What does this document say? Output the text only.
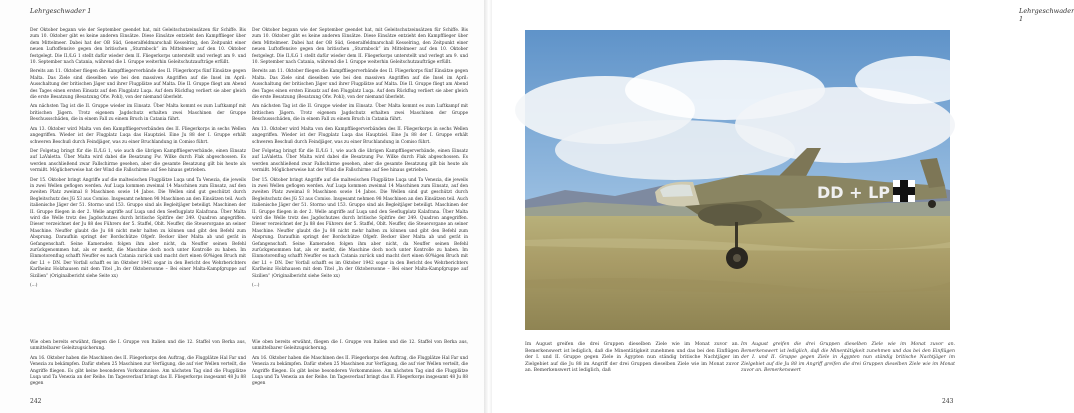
Lehrgeschwader 1

Der Oktober begann wie der September geendet hat, mit Geleitschutzeinsätzen für Schiffe. Bis zum 10. Oktober gibt es keine anderen Einsätze. Diese Einsätze entzieht den Kampfflieger über dem Mittelmeer. Dabei hat der OB Süd, Generalfeldmarschall Kesselring, den Zeitpunkt einer neuen Luftoffensive gegen den britischen „Sturmbock“ im Mittelmeer auf den 10. Oktober festgelegt. Die II./LG 1 stellt dafür wieder dem II. Fliegerkorps unterstellt und verlegt am 9. und 10. September nach Catania, während die I. Gruppe weiterhin Geleitschutzaufträge erfüllt.

Bereits am 11. Oktober fliegen die Kampffliegerverbände des II. Fliegerkorps fünf Einsätze gegen Malta. Das Ziele sind dieselben wie bei den massiven Angriffen auf die Insel im April: Ausschaltung der britischen Jäger und ihrer Flugplätze auf Malta. Die II. Gruppe fliegt am Abend des Tages einen ersten Einsatz auf den Flugplatz Luqa. Auf dem Rückflug verliert sie aber gleich die erste Besatzung (Besatzung Ofw. Pohl), von der niemand überlebt.

Am nächsten Tag ist die II. Gruppe wieder im Einsatz. Über Malta kommt es zum Luftkampf mit britischen Jägern. Trotz eigenem Jagdschutz erhalten zwei Maschinen der Gruppe Beschussschäden, die in einem Fall zu einem Bruch in Catania führt.

Am 13. Oktober wird Malta von den Kampffliegerverbänden des II. Fliegerkorps in sechs Wellen angegriffen. Wieder ist der Flugplatz Luqa das Hauptziel. Eine Ju 88 der I. Gruppe erhält schweren Beschuß durch Feindjäger, was zu einer Bruchlandung in Comiso führt.

Der Folgetag bringt für die II./LG 1, wie auch die übrigen Kampffliegerverbände, einen Einsatz auf LaValetta. Über Malta wird dabei die Besatzung Fw. Wilke durch Flak abgeschossen. Es werden anschließend zwar Fallschirme gesehen, aber die gesamte Besatzung gilt bis heute als vermißt. Möglicherweise hat der Wind die Fallschirme auf See hinaus getrieben.

Der 15. Oktober bringt Angriffe auf die maltesischen Flugplätze Luqa und Ta Venezia, die jeweils in zwei Wellen geflogen werden. Auf Luqa kommen zweimal 14 Maschinen zum Einsatz, auf den zweiten Platz zweimal 8 Maschinen sowie 14 Jabos. Die Wellen sind gut geschützt durch Begleitschutz des JG 53 aus Comiso. Insgesamt nehmen 98 Maschinen an den Einsätzen teil. Auch italienische Jäger der 51. Stormo und 153. Gruppo sind als Begleitjäger beteiligt. Maschinen der II. Gruppe fliegen in der 2. Welle angriffe auf Luqa und den Seeflugplatz Kalafrana. Über Malta wird die Welle trotz des Jagdschutzes durch britische Spitfire der 249. Quadron angegriffen. Dieser verzeichnet der Ju 88 des Führers der 5. Staffel, Oblt. Neuffer, die Steuerorgane an seiner Maschine. Neuffer glaubt die Ju 88 nicht mehr halten zu können und gibt den Befehl zum Absprung. Daraufhin springt der Bordschütze Ofgefr. Becker über Malta ab und gerät in Gefangenschaft. Seine Kameraden folgen ihm aber nicht, da Neuffer seinen Befehl zurückgenommen hat, als er merkt, die Maschine doch noch unter Kontrolle zu haben. Im Einmotorenflug schafft Neuffer es nach Catania zurück und macht dort einen 60%igen Bruch mit der L1 + DN. Der Vorfall schafft es im Oktober 1942 sogar in den Bericht des Wehrberichters Karlheinz Holzhausen mit dem Titel „In der Oktobersonne – Bei einer Malta-Kampfgruppe auf Sizilien“ (Originalbericht siehe Seite xx)

(...)

Wie oben bereits erwähnt, fliegen die I. Gruppe von Italien und die 12. Staffel von Berka aus, unmittelbarer Geleitzugsicherung.

Am 16. Oktober haben die Maschinen des II. Fliegerkorps den Auftrag, die Flugplätze Hal Far und Venezia zu bekämpfen. Dafür stehen 25 Maschinen zur Verfügung, die auf vier Wellen verteilt, die Angriffe fliegen. Es gibt keine besonderen Vorkommnisse. Am nächsten Tag sind die Flugplätze Luqa und Ta Venezia an der Reihe. Im Tagesverlauf bringt das II. Fliegerkorps insgesamt 48 Ju 88 gegen

Der Oktober begann wie der September geendet hat, mit Geleitschutzeinsätzen für Schiffe. Bis zum 10. Oktober gibt es keine anderen Einsätze. Diese Einsätze entzieht den Kampfflieger über dem Mittelmeer. Dabei hat der OB Süd, Generalfeldmarschall Kesselring, den Zeitpunkt einer neuen Luftoffensive gegen den britischen „Sturmbock“ im Mittelmeer auf den 10. Oktober festgelegt. Die II./LG 1 stellt dafür wieder dem II. Fliegerkorps unterstellt und verlegt am 9. und 10. September nach Catania, während die I. Gruppe weiterhin Geleitschutzaufträge erfüllt.

Bereits am 11. Oktober fliegen die Kampffliegerverbände des II. Fliegerkorps fünf Einsätze gegen Malta. Das Ziele sind dieselben wie bei den massiven Angriffen auf die Insel im April: Ausschaltung der britischen Jäger und ihrer Flugplätze auf Malta. Die II. Gruppe fliegt am Abend des Tages einen ersten Einsatz auf den Flugplatz Luqa. Auf dem Rückflug verliert sie aber gleich die erste Besatzung (Besatzung Ofw. Pohl), von der niemand überlebt.

Am nächsten Tag ist die II. Gruppe wieder im Einsatz. Über Malta kommt es zum Luftkampf mit britischen Jägern. Trotz eigenem Jagdschutz erhalten zwei Maschinen der Gruppe Beschussschäden, die in einem Fall zu einem Bruch in Catania führt.

Am 13. Oktober wird Malta von den Kampffliegerverbänden des II. Fliegerkorps in sechs Wellen angegriffen. Wieder ist der Flugplatz Luqa das Hauptziel. Eine Ju 88 der I. Gruppe erhält schweren Beschuß durch Feindjäger, was zu einer Bruchlandung in Comiso führt.

Der Folgetag bringt für die II./LG 1, wie auch die übrigen Kampffliegerverbände, einen Einsatz auf LaValetta. Über Malta wird dabei die Besatzung Fw. Wilke durch Flak abgeschossen. Es werden anschließend zwar Fallschirme gesehen, aber die gesamte Besatzung gilt bis heute als vermißt. Möglicherweise hat der Wind die Fallschirme auf See hinaus getrieben.

Der 15. Oktober bringt Angriffe auf die maltesischen Flugplätze Luqa und Ta Venezia, die jeweils in zwei Wellen geflogen werden. Auf Luqa kommen zweimal 14 Maschinen zum Einsatz, auf den zweiten Platz zweimal 8 Maschinen sowie 14 Jabos. Die Wellen sind gut geschützt durch Begleitschutz des JG 53 aus Comiso. Insgesamt nehmen 98 Maschinen an den Einsätzen teil. Auch italienische Jäger der 51. Stormo und 153. Gruppo sind als Begleitjäger beteiligt. Maschinen der II. Gruppe fliegen in der 2. Welle angriffe auf Luqa und den Seeflugplatz Kalafrana. Über Malta wird die Welle trotz des Jagdschutzes durch britische Spitfire der 249. Quadron angegriffen. Dieser verzeichnet der Ju 88 des Führers der 5. Staffel, Oblt. Neuffer, die Steuerorgane an seiner Maschine. Neuffer glaubt die Ju 88 nicht mehr halten zu können und gibt den Befehl zum Absprung. Daraufhin springt der Bordschütze Ofgefr. Becker über Malta ab und gerät in Gefangenschaft. Seine Kameraden folgen ihm aber nicht, da Neuffer seinen Befehl zurückgenommen hat, als er merkt, die Maschine doch noch unter Kontrolle zu haben. Im Einmotorenflug schafft Neuffer es nach Catania zurück und macht dort einen 60%igen Bruch mit der L1 + DN. Der Vorfall schafft es im Oktober 1942 sogar in den Bericht des Wehrberichters Karlheinz Holzhausen mit dem Titel „In der Oktobersonne – Bei einer Malta-Kampfgruppe auf Sizilien“ (Originalbericht siehe Seite xx)

(...)

Wie oben bereits erwähnt, fliegen die I. Gruppe von Italien und die 12. Staffel von Berka aus, unmittelbarer Geleitzugsicherung.

Am 16. Oktober haben die Maschinen des II. Fliegerkorps den Auftrag, die Flugplätze Hal Far und Venezia zu bekämpfen. Dafür stehen 25 Maschinen zur Verfügung, die auf vier Wellen verteilt, die Angriffe fliegen. Es gibt keine besonderen Vorkommnisse. Am nächsten Tag sind die Flugplätze Luqa und Ta Venezia an der Reihe. Im Tagesverlauf bringt das II. Fliegerkorps insgesamt 48 Ju 88 gegen

242
Lehrgeschwader 1
DD + LP
Im August greifen die drei Gruppen dieselben Ziele wie im Monat zuvor an. Bemerkenswert ist lediglich, daß die Minentätigkeit zunehmen und das bei den Einflügen der I. und II. Gruppe gegen Ziele in Ägypten nun ständig britische Nachtjäger im Zielgebiet auf die Ju 88 im Angriff der drei Gruppen dieselben Ziele wie im Monat zuvor an. Bemerkenswert ist lediglich, daß
Im August greifen die drei Gruppen dieselben Ziele wie im Monat zuvor an. Bemerkenswert ist lediglich, daß die Minentätigkeit zunehmen und das bei den Einflügen der I. und II. Gruppe gegen Ziele in Ägypten nun ständig britische Nachtjäger im Zielgebiet auf die Ju 88 im Angriff greifen die drei Gruppen dieselben Ziele wie im Monat zuvor an. Bemerkenswert
243
